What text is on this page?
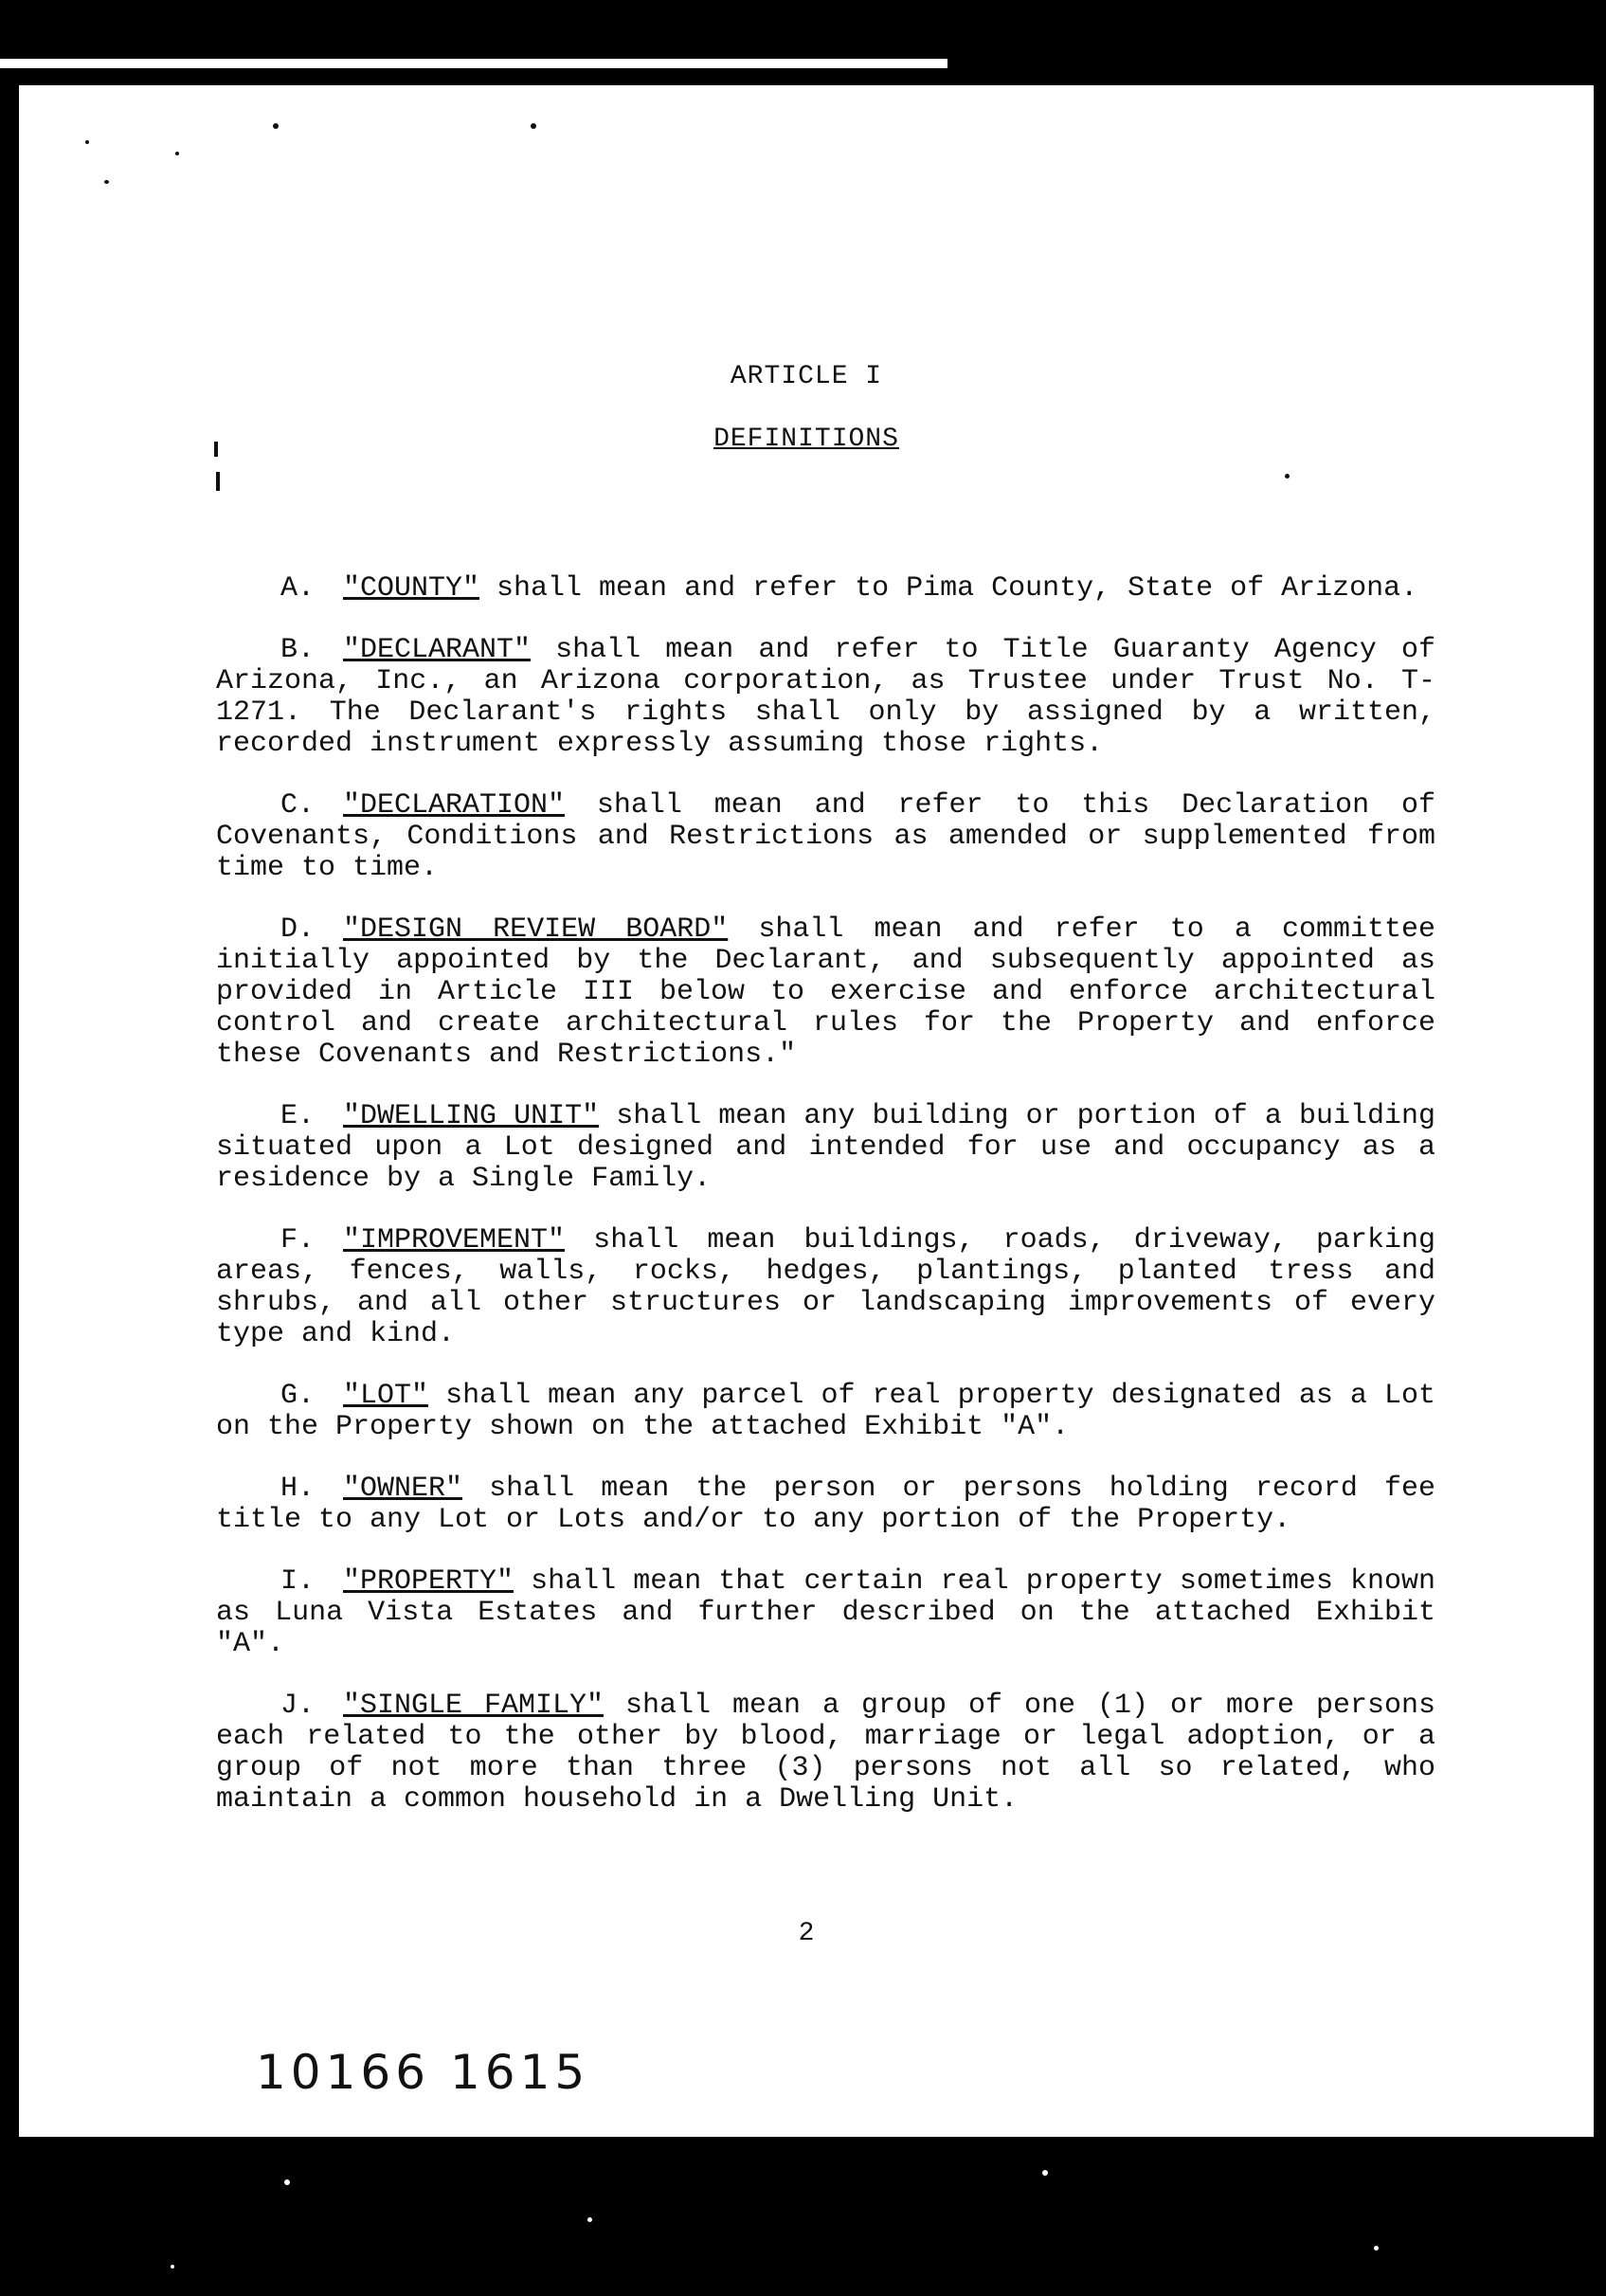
ARTICLE I
DEFINITIONS

A. "COUNTY" shall mean and refer to Pima County, State of Arizona.

B. "DECLARANT" shall mean and refer to Title Guaranty Agency of Arizona, Inc., an Arizona corporation, as Trustee under Trust No. T-1271. The Declarant's rights shall only by assigned by a written, recorded instrument expressly assuming those rights.

C. "DECLARATION" shall mean and refer to this Declaration of Covenants, Conditions and Restrictions as amended or supplemented from time to time.

D. "DESIGN REVIEW BOARD" shall mean and refer to a committee initially appointed by the Declarant, and subsequently appointed as provided in Article III below to exercise and enforce architectural control and create architectural rules for the Property and enforce these Covenants and Restrictions."

E. "DWELLING UNIT" shall mean any building or portion of a building situated upon a Lot designed and intended for use and occupancy as a residence by a Single Family.

F. "IMPROVEMENT" shall mean buildings, roads, driveway, parking areas, fences, walls, rocks, hedges, plantings, planted tress and shrubs, and all other structures or landscaping improvements of every type and kind.

G. "LOT" shall mean any parcel of real property designated as a Lot on the Property shown on the attached Exhibit "A".

H. "OWNER" shall mean the person or persons holding record fee title to any Lot or Lots and/or to any portion of the Property.

I. "PROPERTY" shall mean that certain real property sometimes known as Luna Vista Estates and further described on the attached Exhibit "A".

J. "SINGLE FAMILY" shall mean a group of one (1) or more persons each related to the other by blood, marriage or legal adoption, or a group of not more than three (3) persons not all so related, who maintain a common household in a Dwelling Unit.

2
10166 1615
